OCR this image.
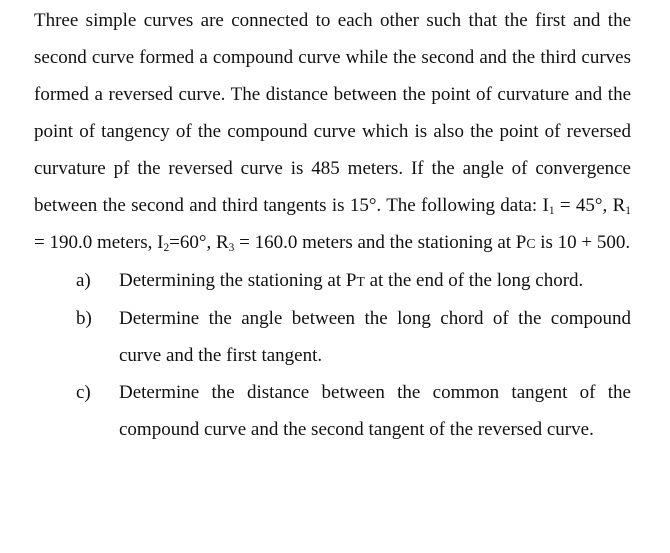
Three simple curves are connected to each other such that the first and the second curve formed a compound curve while the second and the third curves formed a reversed curve. The distance between the point of curvature and the point of tangency of the compound curve which is also the point of reversed curvature pf the reversed curve is 485 meters. If the angle of convergence between the second and third tangents is 15°. The following data: $I_1 = 45^\circ$, $R_1 = 190.0$ meters, $I_2=60^\circ$, $R_3 = 160.0$ meters and the stationing at PC is 10 + 500.

a) Determining the stationing at PT at the end of the long chord.
b) Determine the angle between the long chord of the compound curve and the first tangent.
c) Determine the distance between the common tangent of the compound curve and the second tangent of the reversed curve.
